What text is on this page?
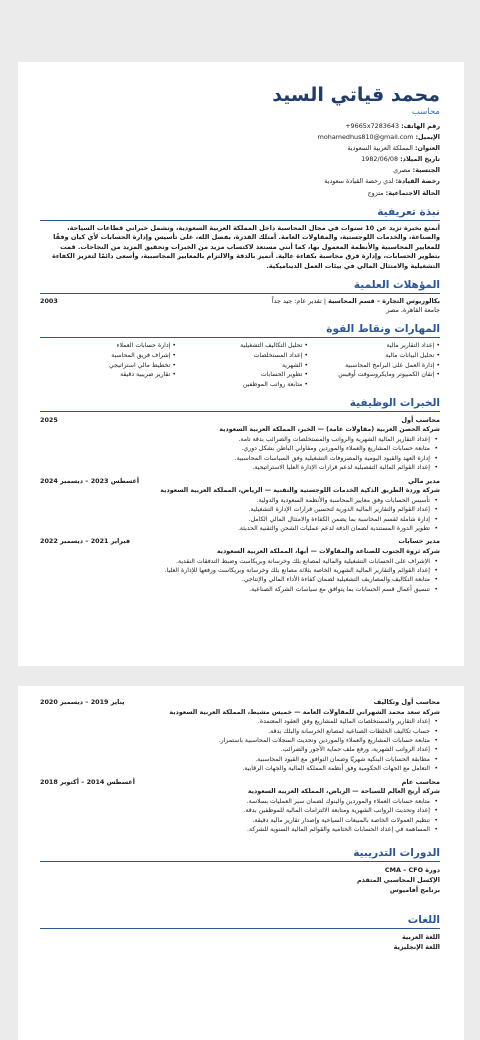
محمد قياتي السيد
محاسب
رقم الهاتف: +9665x7283643
الإيميل: mohamedhus810@gmail.com
العنوان: المملكة العربية السعودية
تاريخ الميلاد: 1982/06/08
الجنسية: مصري
رخصة القيادة: لدي رخصة القيادة سعودية
الحالة الاجتماعية: متزوج
نبذة تعريفية
أتمتع بخبرة تزيد عن 10 سنوات في مجال المحاسبة داخل المملكة العربية السعودية، وتشمل خبراتي قطاعات السياحة، والصناعة، والخدمات اللوجستية، والمقاولات العامة. أمتلك القدرة، بفضل الله، على تأسيس وإدارة الحسابات لأي كيان وفقًا للمعايير المحاسبية والأنظمة المعمول بها، كما أنني مستعد لاكتساب مزيد من الخبرات وتحقيق المزيد من النجاحات. قمت بتطوير الحسابات، وإدارة فرق محاسبة بكفاءة عالية. أتميز بالدقة والالتزام بالمعايير المحاسبية، وأسعى دائمًا لتعزيز الكفاءة التشغيلية والامتثال المالي في بيئات العمل الديناميكية.
المؤهلات العلمية
بكالوريوس التجارة – قسم المحاسبة | تقدير عام: جيد جداً
2003
جامعة القاهرة، مصر
المهارات ونقاط القوة
• إعداد التقارير مالية
• تحليل البيانات مالية
• إدارة العمل على البرامج المحاسبية
• إتقان الكمبيوتر ومايكروسوفت أوفيس
• تحليل التكاليف التشغيلية
• إعداد المستخلصات
• الشهرية
• تطوير الحسابات
• متابعة رواتب الموظفين
• إدارة حسابات العملاء
• إشراف فريق المحاسبة
• تخطيط مالي استراتيجي
• تقارير ضريبية دقيقة
الخبرات الوظيفية
محاسب أول
2025
شركة الحصن العربية (مقاولات عامة) — الخبر، المملكة العربية السعودية
• إعداد التقارير المالية الشهرية والرواتب والمستخلصات والضرائب بدقة تامة.
• متابعة حسابات المشاريع والعملاء والموردين ومقاولي الباطن بشكل دوري.
• إدارة العهد والقيود اليومية والمصروفات التشغيلية وفق السياسات المحاسبية.
• إعداد القوائم المالية التفصيلية لدعم قرارات الإدارة العليا الاستراتيجية.
مدير مالي
أغسطس 2023 – ديسمبر 2024
شركة وردة الطريق الذكية الخدمات اللوجستية والتقنية — الرياض، المملكة العربية السعودية
• تأسيس الحسابات وفق معايير المحاسبة والأنظمة السعودية والدولية.
• إعداد القوائم والتقارير المالية الدورية لتحسين قرارات الإدارة التشغيلية.
• إدارة شاملة لقسم المحاسبة بما يضمن الكفاءة والامتثال المالي الكامل.
• تطوير الدورة المستندية لضمان الدقة لدعم عمليات الشحن والتقنية الحديثة.
مدير حسابات
فبراير 2021 – ديسمبر 2022
شركة ثروة الجنوب للصناعة والمقاولات — أبها، المملكة العربية السعودية
• الإشراف على الحسابات التشغيلية والمالية لمصانع بلك وخرسانة وبريكاست وضبط التدفقات النقدية.
• إعداد القوائم والتقارير المالية الشهرية الخاصة بثلاثة مصانع بلك وخرسانة وبريكاست ورفعها للإدارة العليا.
• متابعة التكاليف والمصاريف التشغيلية لضمان كفاءة الأداء المالي والإنتاجي.
• تنسيق أعمال قسم الحسابات بما يتوافق مع سياسات الشركة الصناعية.
محاسب أول وتكاليف
يناير 2019 – ديسمبر 2020
شركة سعد محمد الشهراني للمقاولات العامة — خميس مشيط، المملكة العربية السعودية
• إعداد التقارير والمستخلصات المالية للمشاريع وفق العقود المعتمدة.
• حساب تكاليف الخلطات الصناعية لمصانع الخرسانة والبلك بدقة.
• متابعة حسابات المشاريع والعملاء والموردين وتحديث السجلات المحاسبية باستمرار.
• إعداد الرواتب الشهرية، ورفع ملف حماية الأجور والضرائب.
• مطابقة الحسابات البنكية شهريًا وضمان التوافق مع القيود المحاسبية.
• التعامل مع الجهات الحكومية وفق أنظمة المملكة المالية والجهات الرقابية.
محاسب عام
أغسطس 2014 – أكتوبر 2018
شركة أريج العالم للسياحة — الرياض، المملكة العربية السعودية
• متابعة حسابات العملاء والموردين والبنوك لضمان سير العمليات بسلاسة.
• إعداد وتحديث الرواتب الشهرية ومتابعة الالتزامات المالية للموظفين بدقة.
• تنظيم العمولات الخاصة بالمبيعات السياحية وإصدار تقارير مالية دقيقة.
• المساهمة في إعداد الحسابات الختامية والقوائم المالية السنوية للشركة.
الدورات التدريبية
دورة CMA – CFO
الإكسل المحاسبي المتقدم
برنامج أفاميوس
اللغات
اللغة العربية
اللغة الإنجليزية
